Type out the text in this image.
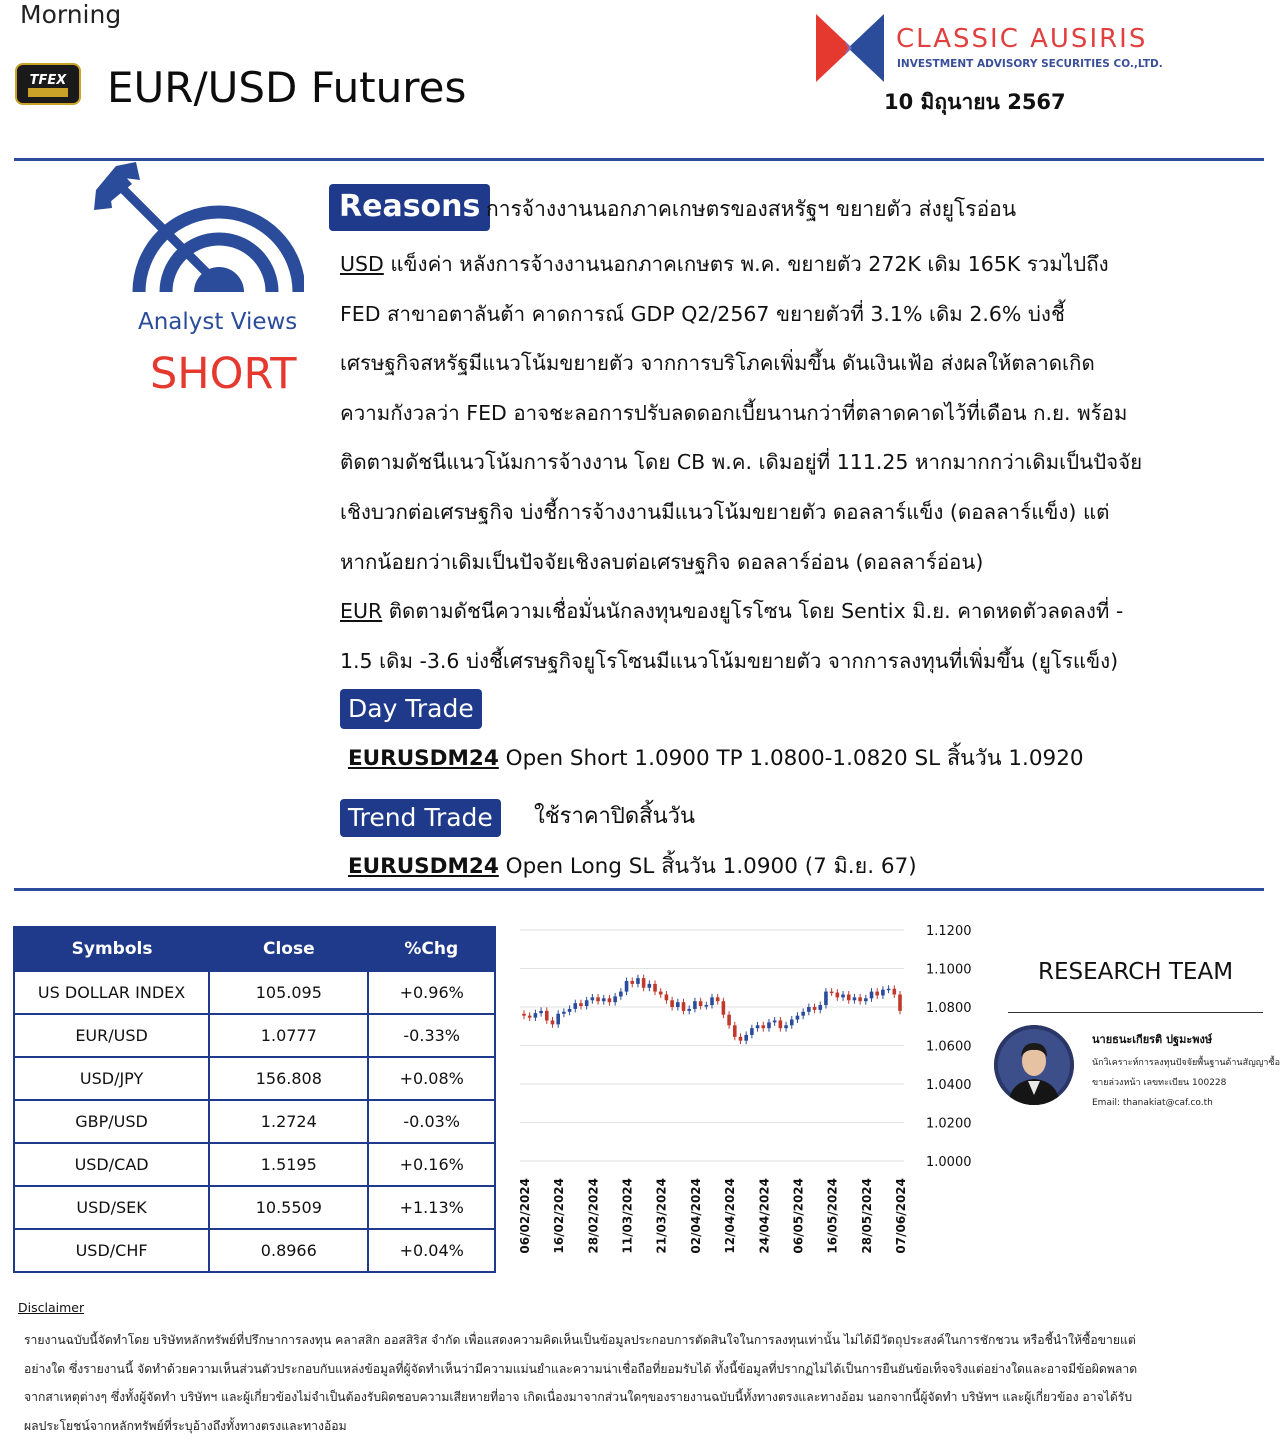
Morning
TFEX EUR/USD Futures
CLASSIC AUSIRIS
INVESTMENT ADVISORY SECURITIES CO.,LTD.
10 มิถุนายน 2567
Analyst Views
SHORT
Reasons การจ้างงานนอกภาคเกษตรของสหรัฐฯ ขยายตัว ส่งยูโรอ่อน
USD แข็งค่า หลังการจ้างงานนอกภาคเกษตร พ.ค. ขยายตัว 272K เดิม 165K รวมไปถึง
FED สาขาอตาลันต้า คาดการณ์ GDP Q2/2567 ขยายตัวที่ 3.1% เดิม 2.6% บ่งชี้
เศรษฐกิจสหรัฐมีแนวโน้มขยายตัว จากการบริโภคเพิ่มขึ้น ดันเงินเฟ้อ ส่งผลให้ตลาดเกิด
ความกังวลว่า FED อาจชะลอการปรับลดดอกเบี้ยนานกว่าที่ตลาดคาดไว้ที่เดือน ก.ย. พร้อม
ติดตามดัชนีแนวโน้มการจ้างงาน โดย CB พ.ค. เดิมอยู่ที่ 111.25 หากมากกว่าเดิมเป็นปัจจัย
เชิงบวกต่อเศรษฐกิจ บ่งชี้การจ้างงานมีแนวโน้มขยายตัว ดอลลาร์แข็ง (ดอลลาร์แข็ง) แต่
หากน้อยกว่าเดิมเป็นปัจจัยเชิงลบต่อเศรษฐกิจ ดอลลาร์อ่อน (ดอลลาร์อ่อน)
EUR ติดตามดัชนีความเชื่อมั่นนักลงทุนของยูโรโซน โดย Sentix มิ.ย. คาดหดตัวลดลงที่ -
1.5 เดิม -3.6 บ่งชี้เศรษฐกิจยูโรโซนมีแนวโน้มขยายตัว จากการลงทุนที่เพิ่มขึ้น (ยูโรแข็ง)
Day Trade
EURUSDM24 Open Short 1.0900 TP 1.0800-1.0820 SL สิ้นวัน 1.0920
Trend Trade	ใช้ราคาปิดสิ้นวัน
EURUSDM24 Open Long SL สิ้นวัน 1.0900 (7 มิ.ย. 67)
Symbols	Close	%Chg
US DOLLAR INDEX	105.095	+0.96%
EUR/USD	1.0777	-0.33%
USD/JPY	156.808	+0.08%
GBP/USD	1.2724	-0.03%
USD/CAD	1.5195	+0.16%
USD/SEK	10.5509	+1.13%
USD/CHF	0.8966	+0.04%
1.1200
1.1000
1.0800
1.0600
1.0400
1.0200
1.0000
06/02/2024 16/02/2024 28/02/2024 11/03/2024 21/03/2024 02/04/2024 12/04/2024 24/04/2024 06/05/2024 16/05/2024 28/05/2024 07/06/2024
RESEARCH TEAM
นายธนะเกียรติ ปฐมะพงษ์
นักวิเคราะห์การลงทุนปัจจัยพื้นฐานด้านสัญญาซื้อ
ขายล่วงหน้า เลขทะเบียน 100228
Email: thanakiat@caf.co.th
Disclaimer
รายงานฉบับนี้จัดทำโดย บริษัทหลักทรัพย์ที่ปรึกษาการลงทุน คลาสสิก ออสสิริส จำกัด เพื่อแสดงความคิดเห็นเป็นข้อมูลประกอบการตัดสินใจในการลงทุนเท่านั้น ไม่ได้มีวัตถุประสงค์ในการชักชวน หรือชี้นำให้ซื้อขายแต่
อย่างใด ซึ่งรายงานนี้ จัดทำด้วยความเห็นส่วนตัวประกอบกับแหล่งข้อมูลที่ผู้จัดทำเห็นว่ามีความแม่นยำและความน่าเชื่อถือที่ยอมรับได้ ทั้งนี้ข้อมูลที่ปรากฏไม่ได้เป็นการยืนยันข้อเท็จจริงแต่อย่างใดและอาจมีข้อผิดพลาด
จากสาเหตุต่างๆ ซึ่งทั้งผู้จัดทำ บริษัทฯ และผู้เกี่ยวข้องไม่จำเป็นต้องรับผิดชอบความเสียหายที่อาจ เกิดเนื่องมาจากส่วนใดๆของรายงานฉบับนี้ทั้งทางตรงและทางอ้อม นอกจากนี้ผู้จัดทำ บริษัทฯ และผู้เกี่ยวข้อง อาจได้รับ
ผลประโยชน์จากหลักทรัพย์ที่ระบุอ้างถึงทั้งทางตรงและทางอ้อม
